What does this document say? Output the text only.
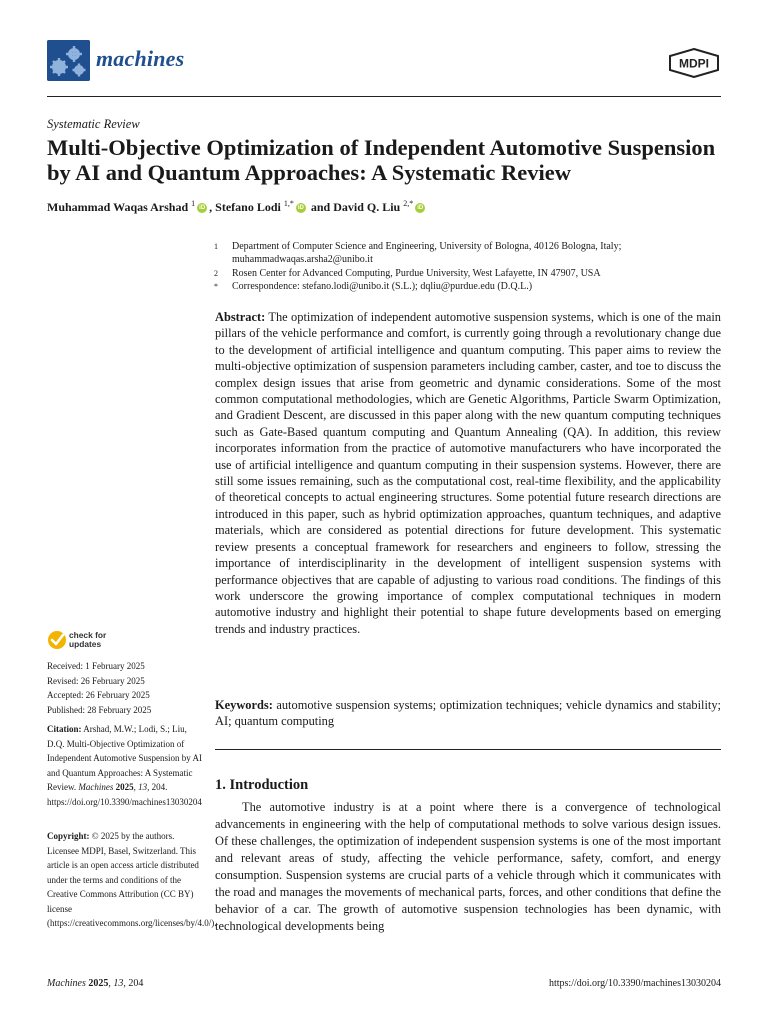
machines	MDPI
Systematic Review
Multi-Objective Optimization of Independent Automotive Suspension by AI and Quantum Approaches: A Systematic Review
Muhammad Waqas Arshad $^1$iD , Stefano Lodi $^{1,*}$iD and David Q. Liu $^{2,*}$iD
1 Department of Computer Science and Engineering, University of Bologna, 40126 Bologna, Italy; muhammadwaqas.arsha2@unibo.it
2 Rosen Center for Advanced Computing, Purdue University, West Lafayette, IN 47907, USA
* Correspondence: stefano.lodi@unibo.it (S.L.); dqliu@purdue.edu (D.Q.L.)
Abstract: The optimization of independent automotive suspension systems, which is one of the main pillars of the vehicle performance and comfort, is currently going through a revolutionary change due to the development of artificial intelligence and quantum computing. This paper aims to review the multi-objective optimization of suspension parameters including camber, caster, and toe to discuss the complex design issues that arise from geometric and dynamic considerations. Some of the most common computational methodologies, which are Genetic Algorithms, Particle Swarm Optimization, and Gradient Descent, are discussed in this paper along with the new quantum computing techniques such as Gate-Based quantum computing and Quantum Annealing (QA). In addition, this review incorporates information from the practice of automotive manufacturers who have incorporated the use of artificial intelligence and quantum computing in their suspension systems. However, there are still some issues remaining, such as the computational cost, real-time flexibility, and the applicability of theoretical concepts to actual engineering structures. Some potential future research directions are introduced in this paper, such as hybrid optimization approaches, quantum techniques, and adaptive materials, which are considered as potential directions for future development. This systematic review presents a conceptual framework for researchers and engineers to follow, stressing the importance of interdisciplinarity in the development of intelligent suspension systems with performance objectives that are capable of adjusting to various road conditions. The findings of this work underscore the growing importance of complex computational techniques in modern automotive industry and highlight their potential to shape future developments based on emerging trends and industry practices.
Keywords: automotive suspension systems; optimization techniques; vehicle dynamics and stability; AI; quantum computing
1. Introduction
The automotive industry is at a point where there is a convergence of technological advancements in engineering with the help of computational methods to solve various design issues. Of these challenges, the optimization of independent suspension systems is one of the most important and relevant areas of study, affecting the vehicle performance, safety, comfort, and energy consumption. Suspension systems are crucial parts of a vehicle through which it communicates with the road and manages the movements of mechanical parts, forces, and other conditions that define the behavior of a car. The growth of automotive suspension technologies has been dynamic, with technological developments being
check for
updates
Received: 1 February 2025
Revised: 26 February 2025
Accepted: 26 February 2025
Published: 28 February 2025
Citation: Arshad, M.W.; Lodi, S.; Liu, D.Q. Multi-Objective Optimization of Independent Automotive Suspension by AI and Quantum Approaches: A Systematic Review. Machines 2025, 13, 204. https://doi.org/10.3390/machines13030204
Copyright: © 2025 by the authors. Licensee MDPI, Basel, Switzerland. This article is an open access article distributed under the terms and conditions of the Creative Commons Attribution (CC BY) license (https://creativecommons.org/licenses/by/4.0/).
Machines 2025, 13, 204	https://doi.org/10.3390/machines13030204
